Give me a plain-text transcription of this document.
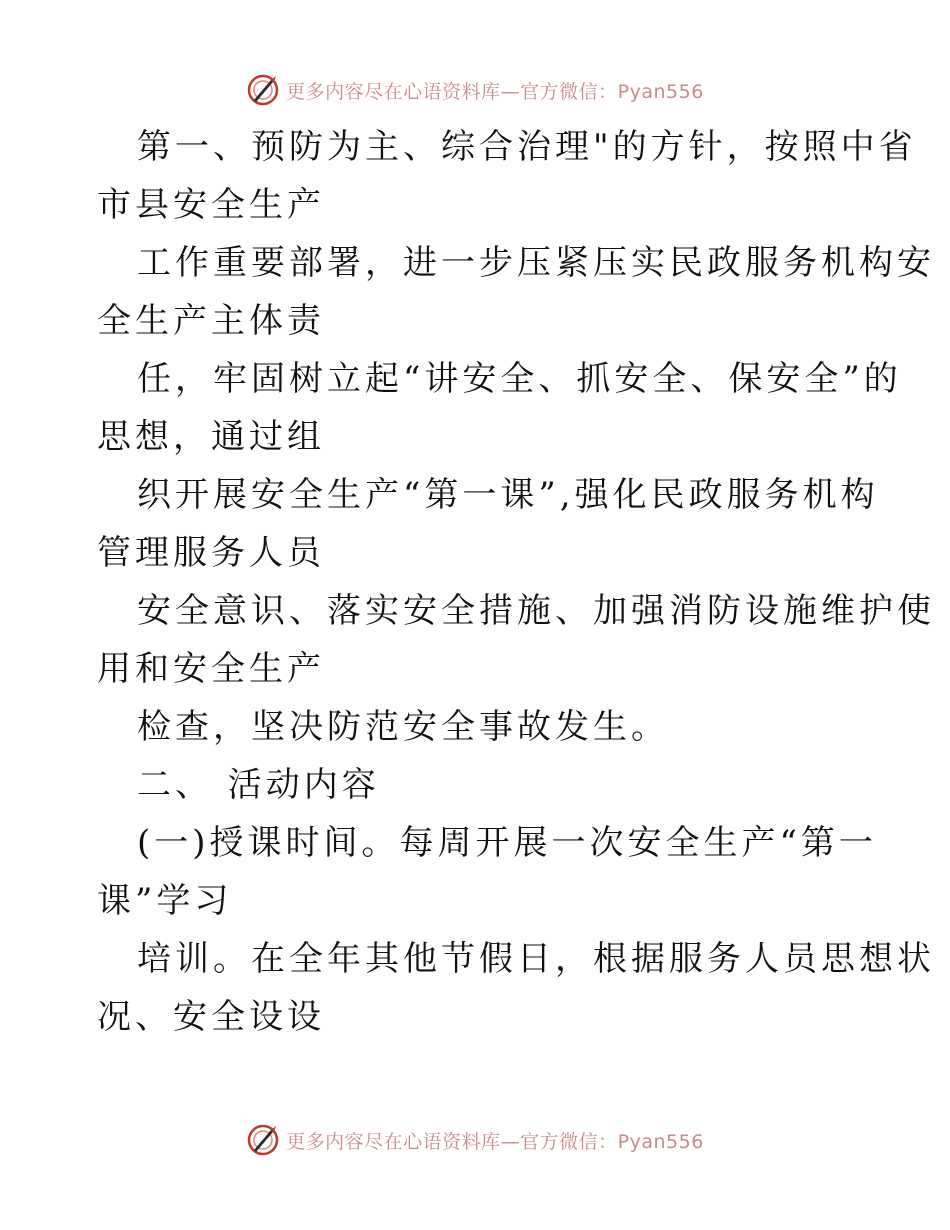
更多内容尽在心语资料库—官方微信：Pyan556
第一、预防为主、综合治理"的方针，按照中省
市县安全生产
工作重要部署，进一步压紧压实民政服务机构安
全生产主体责
任，牢固树立起“讲安全、抓安全、保安全”的
思想，通过组
织开展安全生产“第一课”,强化民政服务机构
管理服务人员
安全意识、落实安全措施、加强消防设施维护使
用和安全生产
检查，坚决防范安全事故发生。
二、 活动内容
(一)授课时间。每周开展一次安全生产“第一
课”学习
培训。在全年其他节假日，根据服务人员思想状
况、安全设设
更多内容尽在心语资料库—官方微信：Pyan556
